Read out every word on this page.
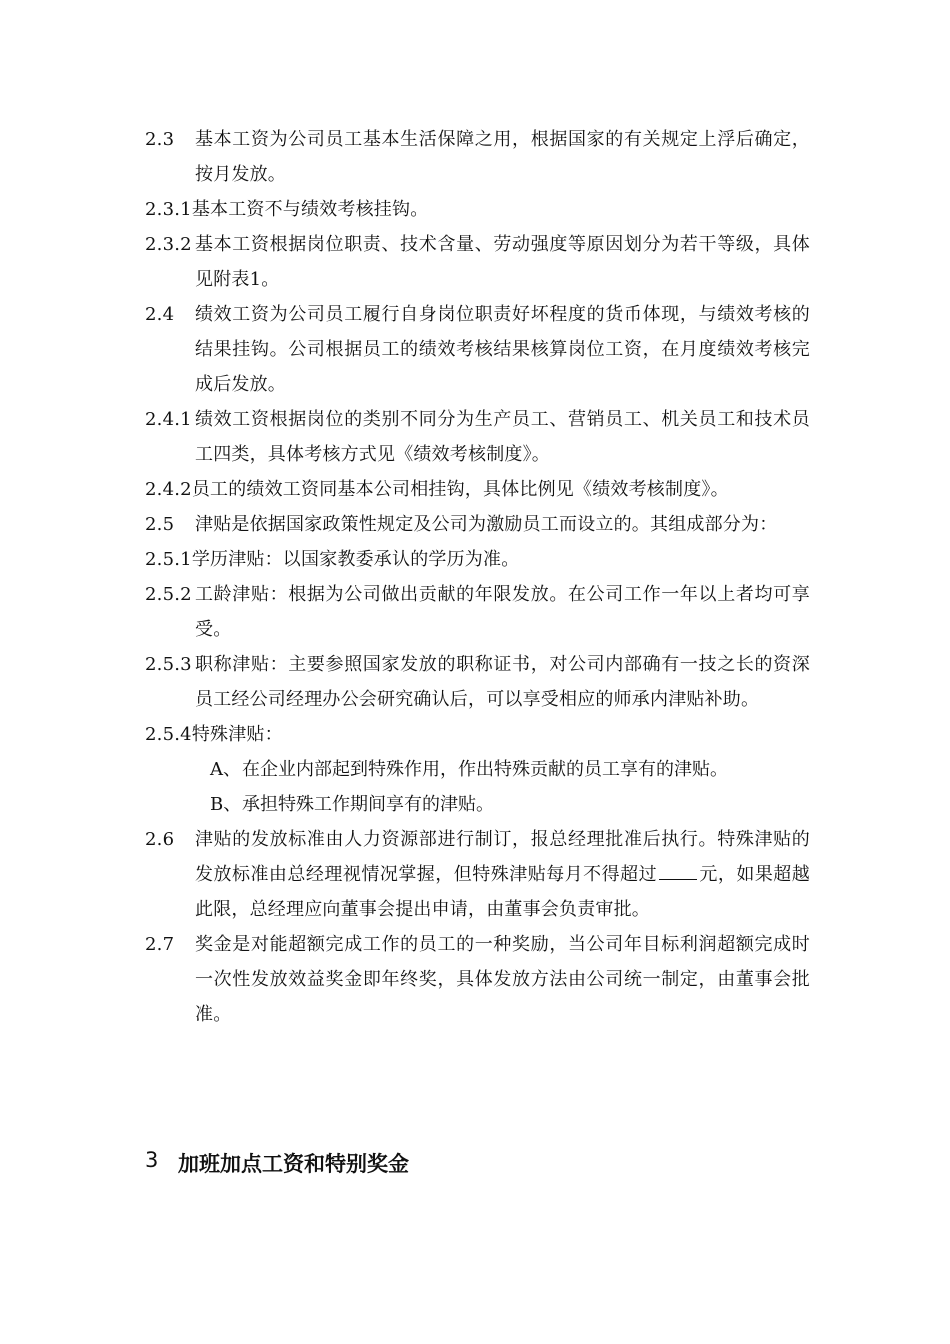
2.3	基本工资为公司员工基本生活保障之用，根据国家的有关规定上浮后确定，按月发放。
2.3.1 基本工资不与绩效考核挂钩。
2.3.2 基本工资根据岗位职责、技术含量、劳动强度等原因划分为若干等级，具体见附表1。
2.4	绩效工资为公司员工履行自身岗位职责好坏程度的货币体现，与绩效考核的结果挂钩。公司根据员工的绩效考核结果核算岗位工资，在月度绩效考核完成后发放。
2.4.1 绩效工资根据岗位的类别不同分为生产员工、营销员工、机关员工和技术员工四类，具体考核方式见《绩效考核制度》。
2.4.2 员工的绩效工资同基本公司相挂钩，具体比例见《绩效考核制度》。
2.5	津贴是依据国家政策性规定及公司为激励员工而设立的。其组成部分为：
2.5.1 学历津贴：以国家教委承认的学历为准。
2.5.2 工龄津贴：根据为公司做出贡献的年限发放。在公司工作一年以上者均可享受。
2.5.3 职称津贴：主要参照国家发放的职称证书，对公司内部确有一技之长的资深员工经公司经理办公会研究确认后，可以享受相应的师承内津贴补助。
2.5.4 特殊津贴：
A、 在企业内部起到特殊作用，作出特殊贡献的员工享有的津贴。
B、 承担特殊工作期间享有的津贴。
2.6	津贴的发放标准由人力资源部进行制订，报总经理批准后执行。特殊津贴的发放标准由总经理视情况掌握，但特殊津贴每月不得超过 元，如果超越此限，总经理应向董事会提出申请，由董事会负责审批。
2.7	奖金是对能超额完成工作的员工的一种奖励，当公司年目标利润超额完成时一次性发放效益奖金即年终奖，具体发放方法由公司统一制定，由董事会批准。
3 加班加点工资和特别奖金
